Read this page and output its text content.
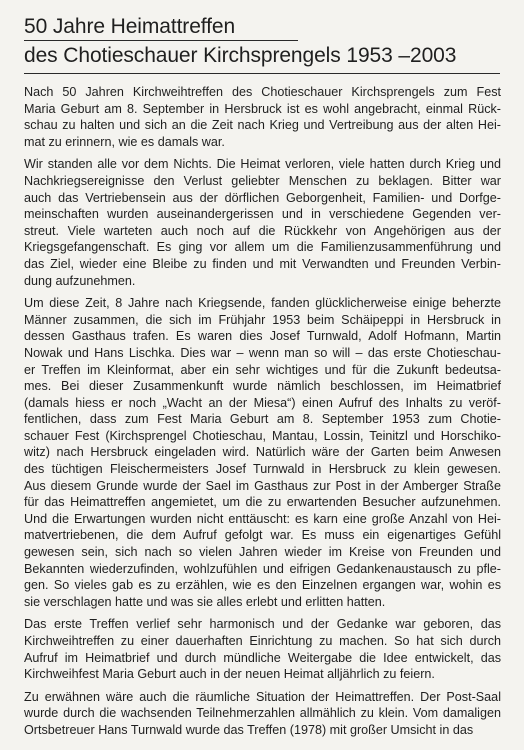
50 Jahre Heimattreffen
des Chotieschauer Kirchsprengels 1953 –2003

Nach 50 Jahren Kirchweihtreffen des Chotieschauer Kirchsprengels zum Fest
Maria Geburt am 8. September in Hersbruck ist es wohl angebracht, einmal Rück-
schau zu halten und sich an die Zeit nach Krieg und Vertreibung aus der alten Hei-
mat zu erinnern, wie es damals war.

Wir standen alle vor dem Nichts. Die Heimat verloren, viele hatten durch Krieg und
Nachkriegsereignisse den Verlust geliebter Menschen zu beklagen. Bitter war
auch das Vertriebensein aus der dörflichen Geborgenheit, Familien- und Dorfge-
meinschaften wurden auseinandergerissen und in verschiedene Gegenden ver-
streut. Viele warteten auch noch auf die Rückkehr von Angehörigen aus der
Kriegsgefangenschaft. Es ging vor allem um die Familienzusammenführung und
das Ziel, wieder eine Bleibe zu finden und mit Verwandten und Freunden Verbin-
dung aufzunehmen.

Um diese Zeit, 8 Jahre nach Kriegsende, fanden glücklicherweise einige beherzte
Männer zusammen, die sich im Frühjahr 1953 beim Schäipeppi in Hersbruck in
dessen Gasthaus trafen. Es waren dies Josef Turnwald, Adolf Hofmann, Martin
Nowak und Hans Lischka. Dies war – wenn man so will – das erste Chotieschau-
er Treffen im Kleinformat, aber ein sehr wichtiges und für die Zukunft bedeutsa-
mes. Bei dieser Zusammenkunft wurde nämlich beschlossen, im Heimatbrief
(damals hiess er noch „Wacht an der Miesa“) einen Aufruf des Inhalts zu veröf-
fentlichen, dass zum Fest Maria Geburt am 8. September 1953 zum Chotie-
schauer Fest (Kirchsprengel Chotieschau, Mantau, Lossin, Teinitzl und Horschiko-
witz) nach Hersbruck eingeladen wird. Natürlich wäre der Garten beim Anwesen
des tüchtigen Fleischermeisters Josef Turnwald in Hersbruck zu klein gewesen.
Aus diesem Grunde wurde der Sael im Gasthaus zur Post in der Amberger Straße
für das Heimattreffen angemietet, um die zu erwartenden Besucher aufzunehmen.
Und die Erwartungen wurden nicht enttäuscht: es karn eine große Anzahl von Hei-
matvertriebenen, die dem Aufruf gefolgt war. Es muss ein eigenartiges Gefühl
gewesen sein, sich nach so vielen Jahren wieder im Kreise von Freunden und
Bekannten wiederzufinden, wohlzufühlen und eifrigen Gedankenaustausch zu pfle-
gen. So vieles gab es zu erzählen, wie es den Einzelnen ergangen war, wohin es
sie verschlagen hatte und was sie alles erlebt und erlitten hatten.

Das erste Treffen verlief sehr harmonisch und der Gedanke war geboren, das
Kirchweihtreffen zu einer dauerhaften Einrichtung zu machen. So hat sich durch
Aufruf im Heimatbrief und durch mündliche Weitergabe die Idee entwickelt, das
Kirchweihfest Maria Geburt auch in der neuen Heimat alljährlich zu feiern.

Zu erwähnen wäre auch die räumliche Situation der Heimattreffen. Der Post-Saal
wurde durch die wachsenden Teilnehmerzahlen allmählich zu klein. Vom damaligen
Ortsbetreuer Hans Turnwald wurde das Treffen (1978) mit großer Umsicht in das
